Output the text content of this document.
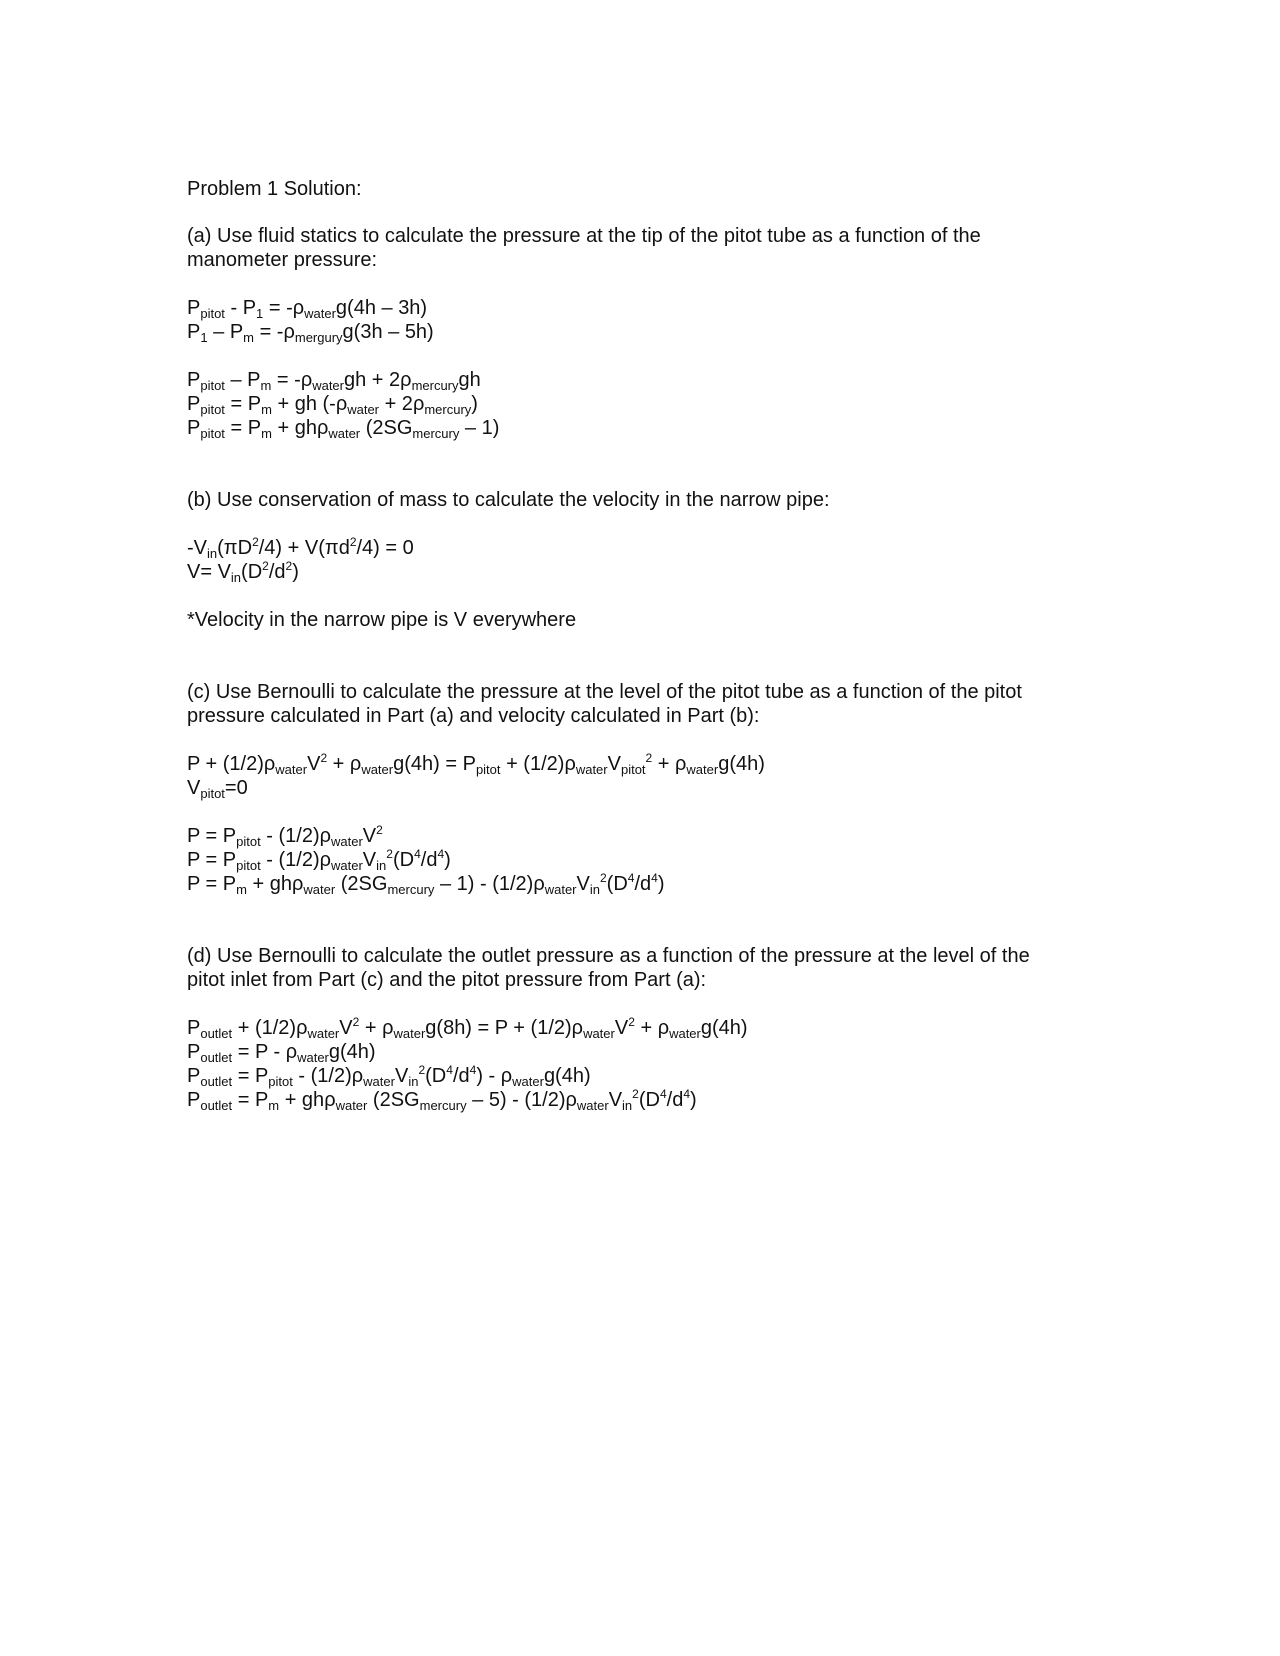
Problem 1 Solution:
(a) Use fluid statics to calculate the pressure at the tip of the pitot tube as a function of the
manometer pressure:
$P_{pitot} - P_1 = -\rho_{water}g(4h - 3h)$
$P_1 - P_m = -\rho_{mergury}g(3h - 5h)$
$P_{pitot} - P_m = -\rho_{water}gh + 2\rho_{mercury}gh$
$P_{pitot} = P_m$ + gh $(-\rho_{water} + 2\rho_{mercury})$
$P_{pitot} = P_m + gh\rho_{water}$ $(2SG_{mercury} - 1)$
(b) Use conservation of mass to calculate the velocity in the narrow pipe:
$-V_{in}(\pi D^2/4) + V(\pi d^2/4) = 0$
$V= V_{in}(D^2/d^2)$
*Velocity in the narrow pipe is V everywhere
(c) Use Bernoulli to calculate the pressure at the level of the pitot tube as a function of the pitot
pressure calculated in Part (a) and velocity calculated in Part (b):
$P + (1/2)\rho_{water}V^2 + \rho_{water}g(4h) = P_{pitot} + (1/2)\rho_{water}V_{pitot}^2 + \rho_{water}g(4h)$
$V_{pitot}=0$
$P = P_{pitot} - (1/2)\rho_{water}V^2$
$P = P_{pitot} - (1/2)\rho_{water}V_{in}^2(D^4/d^4)$
$P = P_m + gh\rho_{water}$ $(2SG_{mercury} - 1) - (1/2)\rho_{water}V_{in}^2(D^4/d^4)$
(d) Use Bernoulli to calculate the outlet pressure as a function of the pressure at the level of the
pitot inlet from Part (c) and the pitot pressure from Part (a):
$P_{outlet} + (1/2)\rho_{water}V^2 + \rho_{water}g(8h) = P + (1/2)\rho_{water}V^2 + \rho_{water}g(4h)$
$P_{outlet} = P - \rho_{water}g(4h)$
$P_{outlet} = P_{pitot} - (1/2)\rho_{water}V_{in}^2(D^4/d^4) - \rho_{water}g(4h)$
$P_{outlet} = P_m + gh\rho_{water}$ $(2SG_{mercury} - 5) - (1/2)\rho_{water}V_{in}^2(D^4/d^4)$
